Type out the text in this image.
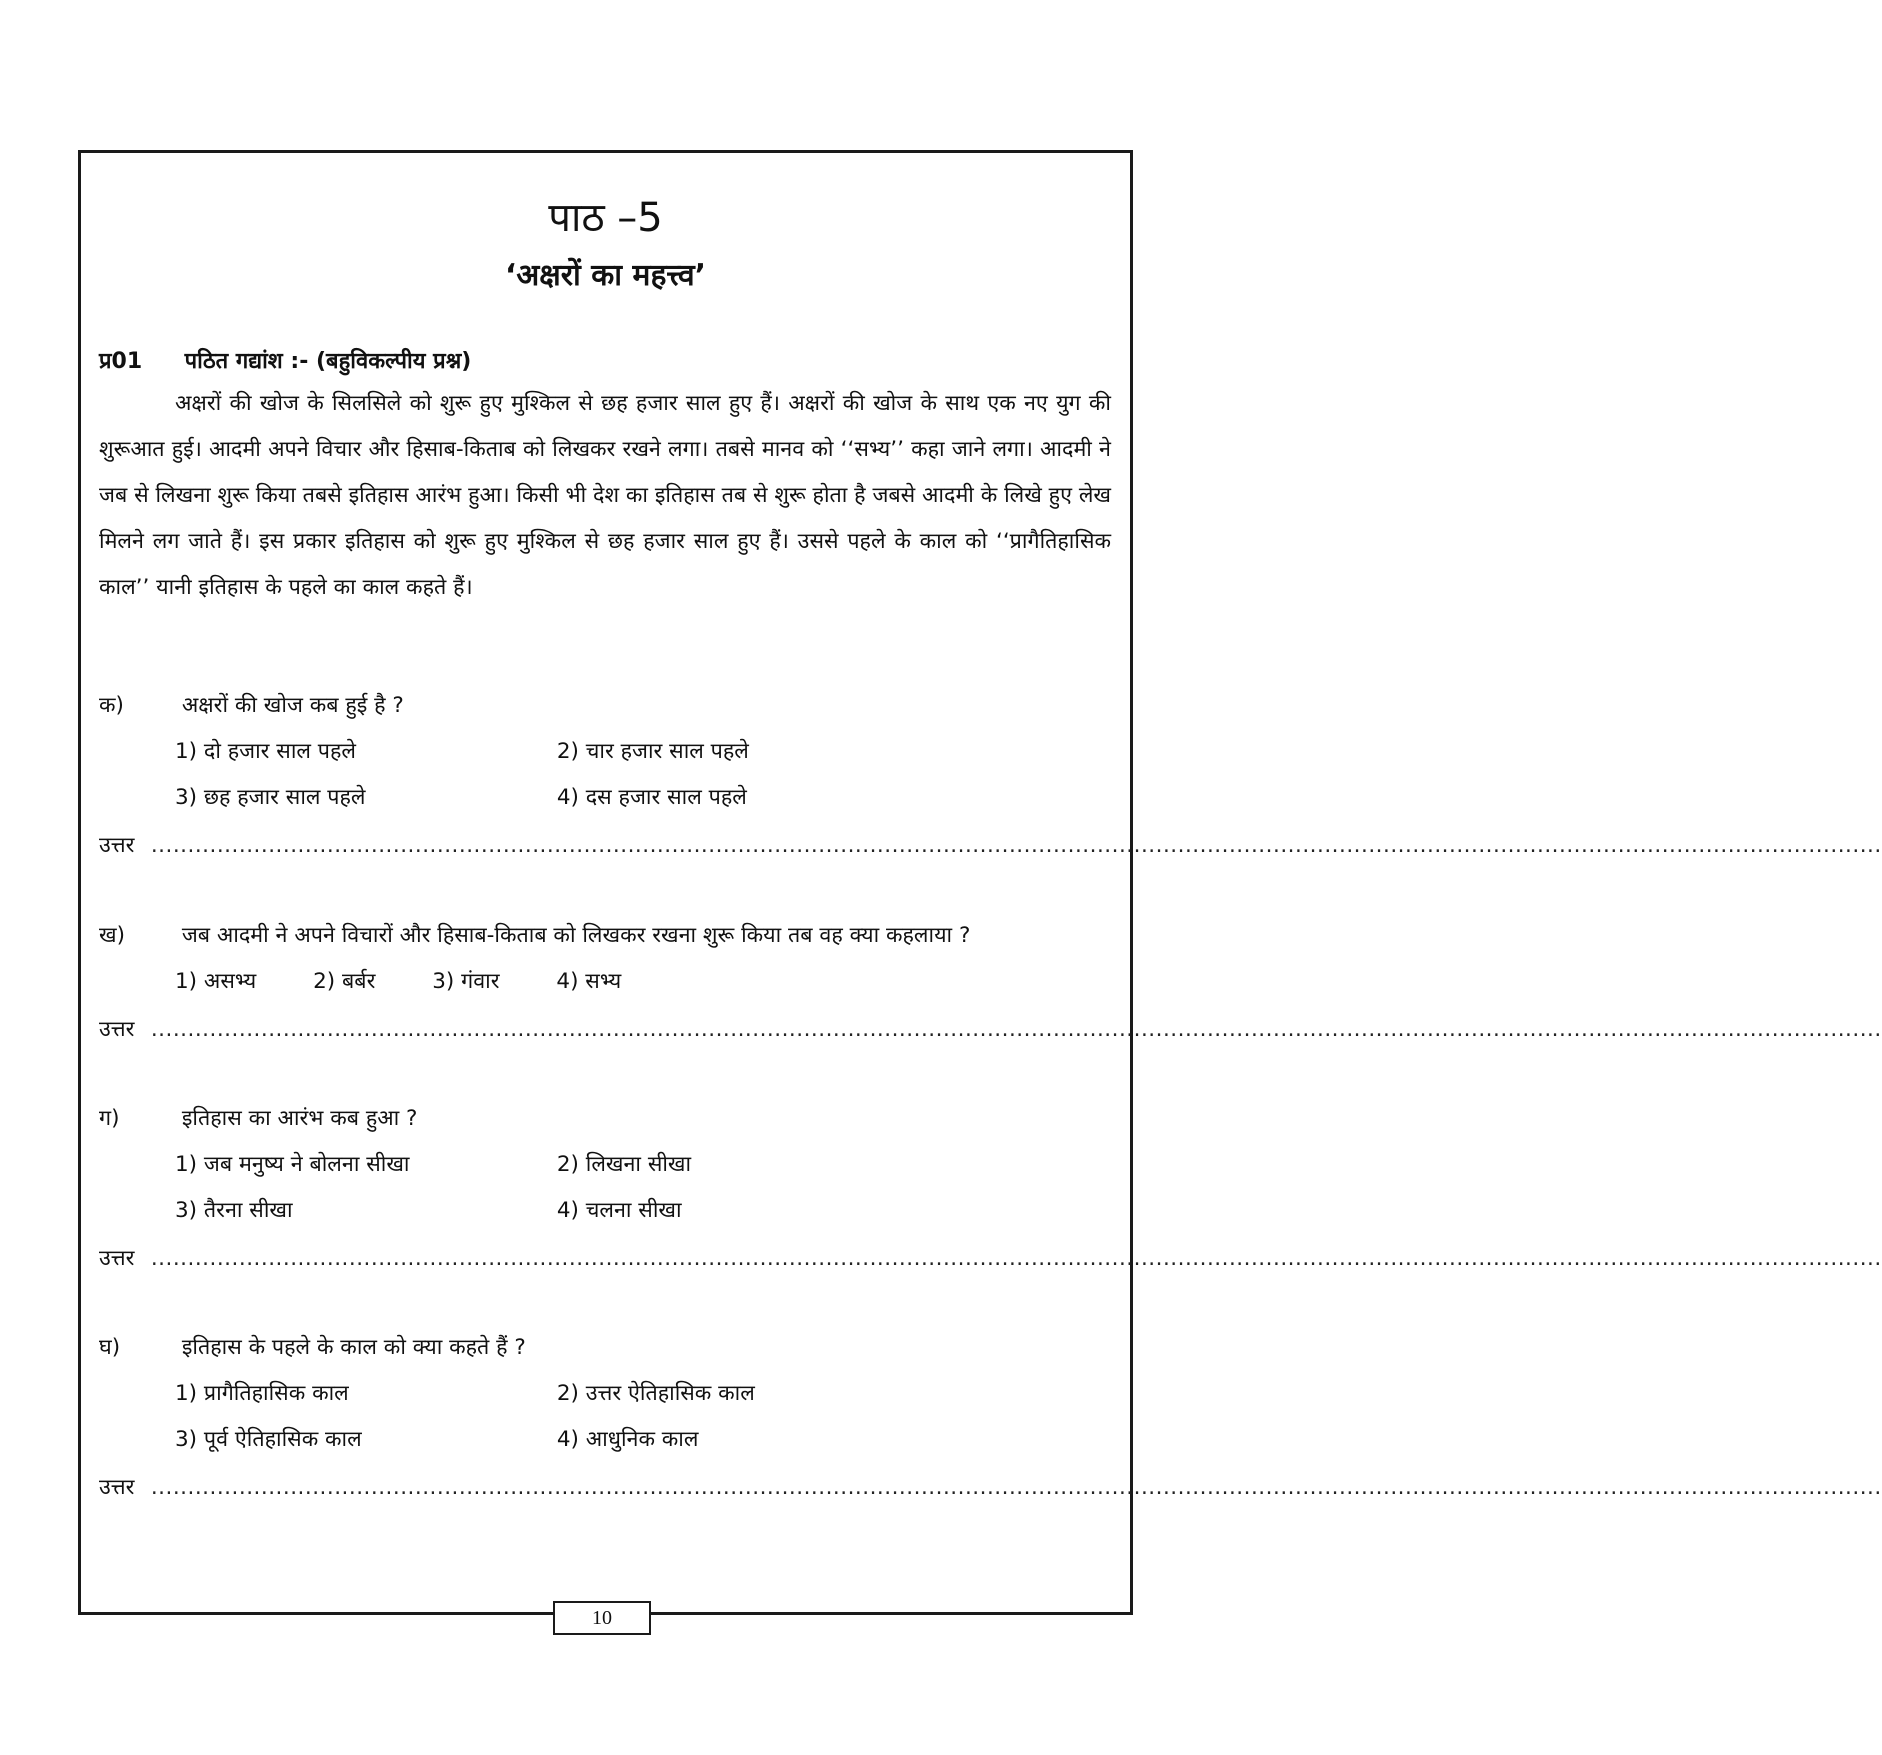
पाठ –5
‘अक्षरों का महत्त्व’
प्र01 पठित गद्यांश :- (बहुविकल्पीय प्रश्न)

अक्षरों की खोज के सिलसिले को शुरू हुए मुश्किल से छह हजार साल हुए हैं। अक्षरों की खोज के साथ एक नए युग की शुरूआत हुई। आदमी अपने विचार और हिसाब-किताब को लिखकर रखने लगा। तबसे मानव को ‘‘सभ्य’’ कहा जाने लगा। आदमी ने जब से लिखना शुरू किया तबसे इतिहास आरंभ हुआ। किसी भी देश का इतिहास तब से शुरू होता है जबसे आदमी के लिखे हुए लेख मिलने लग जाते हैं। इस प्रकार इतिहास को शुरू हुए मुश्किल से छह हजार साल हुए हैं। उससे पहले के काल को ‘‘प्रागैतिहासिक काल’’ यानी इतिहास के पहले का काल कहते हैं।

क)	अक्षरों की खोज कब हुई है ?
1) दो हजार साल पहले	2) चार हजार साल पहले
3) छह हजार साल पहले	4) दस हजार साल पहले
उत्तर ............................................................................................................................................................................................................................................
ख)	जब आदमी ने अपने विचारों और हिसाब-किताब को लिखकर रखना शुरू किया तब वह क्या कहलाया ?
1) असभ्य	2) बर्बर	3) गंवार	4) सभ्य
उत्तर ............................................................................................................................................................................................................................................
ग)	इतिहास का आरंभ कब हुआ ?
1) जब मनुष्य ने बोलना सीखा	2) लिखना सीखा
3) तैरना सीखा	4) चलना सीखा
उत्तर ............................................................................................................................................................................................................................................
घ)	इतिहास के पहले के काल को क्या कहते हैं ?
1) प्रागैतिहासिक काल	2) उत्तर ऐतिहासिक काल
3) पूर्व ऐतिहासिक काल	4) आधुनिक काल
उत्तर ............................................................................................................................................................................................................................................
10
